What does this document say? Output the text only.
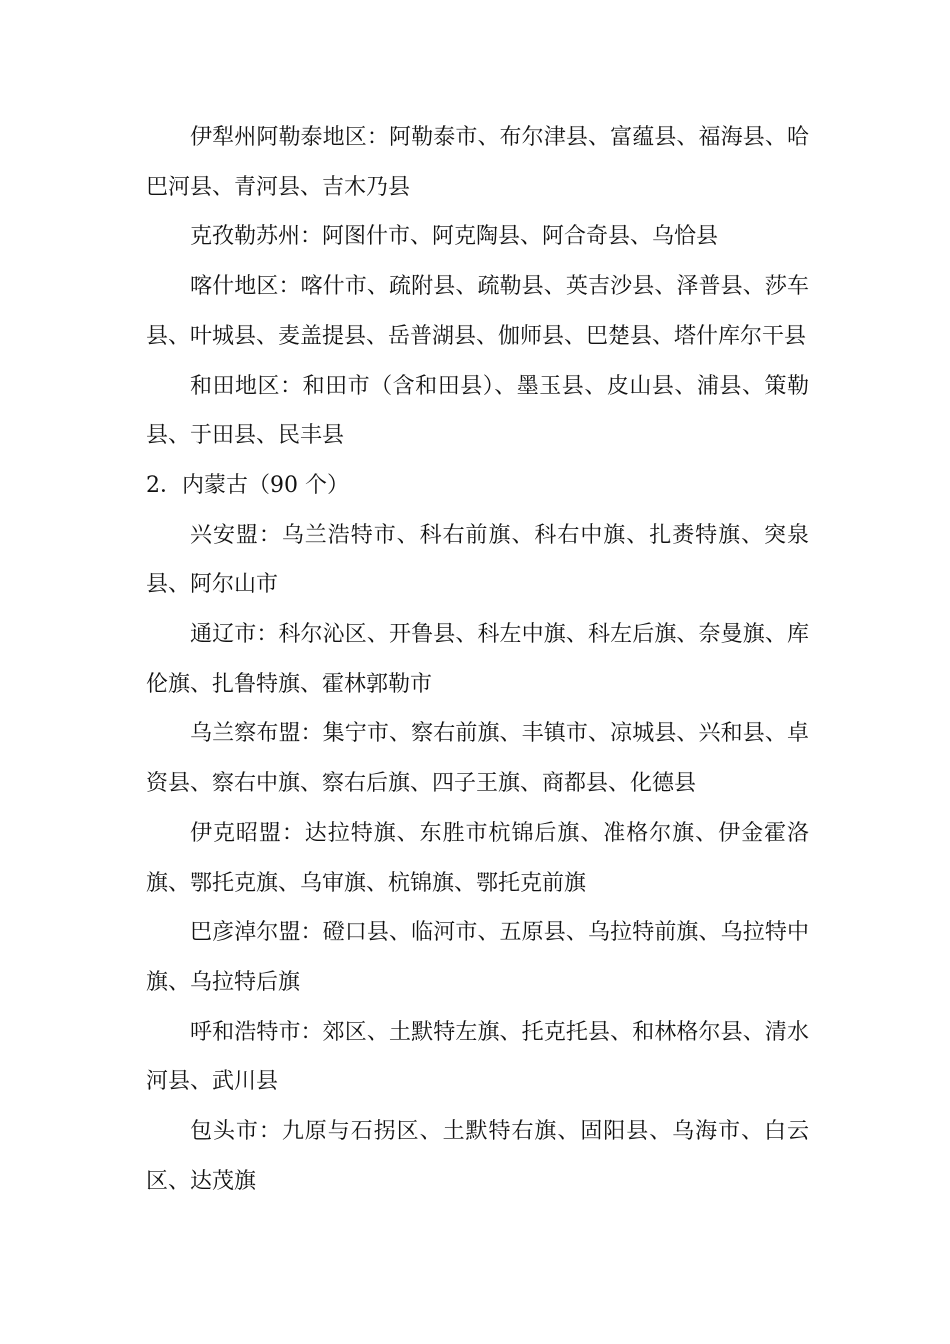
伊犁州阿勒泰地区：阿勒泰市、布尔津县、富蕴县、福海县、哈巴河县、青河县、吉木乃县

克孜勒苏州：阿图什市、阿克陶县、阿合奇县、乌恰县

喀什地区：喀什市、疏附县、疏勒县、英吉沙县、泽普县、莎车县、叶城县、麦盖提县、岳普湖县、伽师县、巴楚县、塔什库尔干县

和田地区：和田市（含和田县）、墨玉县、皮山县、浦县、策勒县、于田县、民丰县

2．内蒙古（90 个）

兴安盟：乌兰浩特市、科右前旗、科右中旗、扎赉特旗、突泉县、阿尔山市

通辽市：科尔沁区、开鲁县、科左中旗、科左后旗、奈曼旗、库伦旗、扎鲁特旗、霍林郭勒市

乌兰察布盟：集宁市、察右前旗、丰镇市、凉城县、兴和县、卓资县、察右中旗、察右后旗、四子王旗、商都县、化德县

伊克昭盟：达拉特旗、东胜市杭锦后旗、准格尔旗、伊金霍洛旗、鄂托克旗、乌审旗、杭锦旗、鄂托克前旗

巴彦淖尔盟：磴口县、临河市、五原县、乌拉特前旗、乌拉特中旗、乌拉特后旗

呼和浩特市：郊区、土默特左旗、托克托县、和林格尔县、清水河县、武川县

包头市：九原与石拐区、土默特右旗、固阳县、乌海市、白云区、达茂旗
